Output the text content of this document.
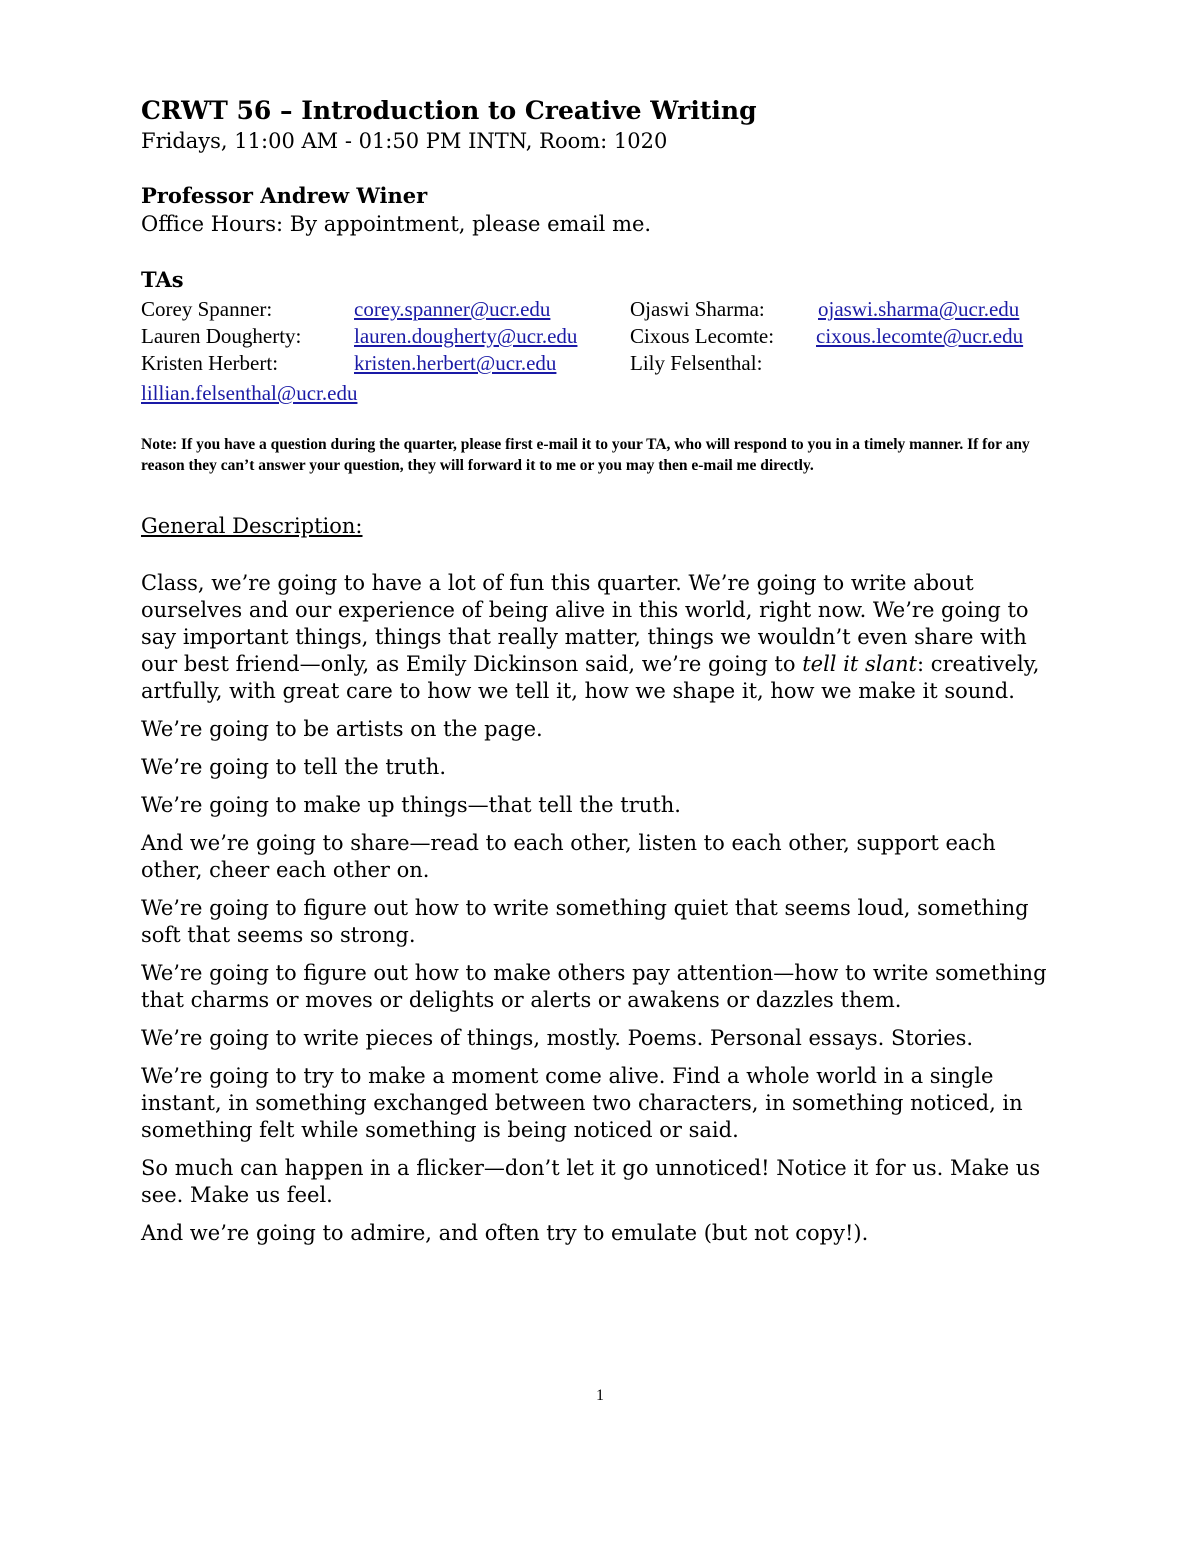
CRWT 56 – Introduction to Creative Writing
Fridays, 11:00 AM - 01:50 PM INTN, Room: 1020
Professor Andrew Winer
Office Hours: By appointment, please email me.
TAs
Corey Spanner:	corey.spanner@ucr.edu	Ojaswi Sharma:	ojaswi.sharma@ucr.edu
Lauren Dougherty:	lauren.dougherty@ucr.edu	Cixous Lecomte: cixous.lecomte@ucr.edu
Kristen Herbert:	kristen.herbert@ucr.edu	Lily Felsenthal:
lillian.felsenthal@ucr.edu
Note: If you have a question during the quarter, please first e-mail it to your TA, who will respond to you in a timely manner. If for any reason they can’t answer your question, they will forward it to me or you may then e-mail me directly.
General Description:

Class, we’re going to have a lot of fun this quarter. We’re going to write about ourselves and our experience of being alive in this world, right now. We’re going to say important things, things that really matter, things we wouldn’t even share with our best friend—only, as Emily Dickinson said, we’re going to tell it slant: creatively, artfully, with great care to how we tell it, how we shape it, how we make it sound.

We’re going to be artists on the page.

We’re going to tell the truth.

We’re going to make up things—that tell the truth.

And we’re going to share—read to each other, listen to each other, support each other, cheer each other on.

We’re going to figure out how to write something quiet that seems loud, something soft that seems so strong.

We’re going to figure out how to make others pay attention—how to write something that charms or moves or delights or alerts or awakens or dazzles them.

We’re going to write pieces of things, mostly. Poems. Personal essays. Stories.

We’re going to try to make a moment come alive. Find a whole world in a single instant, in something exchanged between two characters, in something noticed, in something felt while something is being noticed or said.

So much can happen in a flicker—don’t let it go unnoticed! Notice it for us. Make us see. Make us feel.

And we’re going to admire, and often try to emulate (but not copy!).

1
